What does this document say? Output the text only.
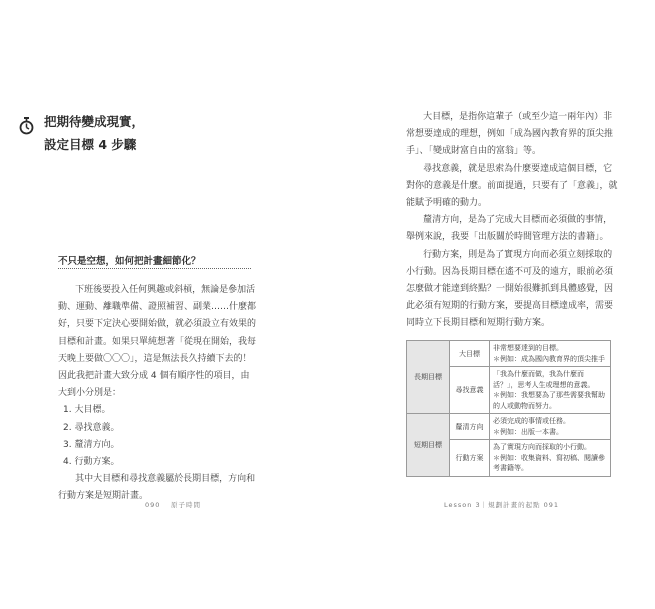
把期待變成現實，
設定目標 4 步驟
不只是空想，如何把計畫細節化？

下班後要投入任何興趣或斜槓，無論是參加活動、運動、離職準備、證照補習、副業……什麼都好，只要下定決心要開始做，就必須設立有效果的目標和計畫。如果只單純想著「從現在開始，我每天晚上要做〇〇〇」，這是無法長久持續下去的！因此我把計畫大致分成 4 個有順序性的項目，由大到小分別是：

1. 大目標。
2. 尋找意義。
3. 釐清方向。
4. 行動方案。

其中大目標和尋找意義屬於長期目標，方向和行動方案是短期計畫。

090 　原子時間

大目標，是指你這輩子（或至少這一兩年內）非常想要達成的理想，例如「成為國內教育界的頂尖推手」、「變成財富自由的富翁」等。

尋找意義，就是思索為什麼要達成這個目標，它對你的意義是什麼。前面提過，只要有了「意義」，就能賦予明確的動力。

釐清方向，是為了完成大目標而必須做的事情，舉例來說，我要「出版關於時間管理方法的書籍」。

行動方案，則是為了實現方向而必須立刻採取的小行動。因為長期目標在遙不可及的遠方，眼前必須怎麼做才能達到終點？一開始很難抓到具體感覺，因此必須有短期的行動方案，要提高目標達成率，需要同時立下長期目標和短期行動方案。

長期目標	大目標	非常想要達到的目標。
＊例如：成為國內教育界的頂尖推手

	尋找意義	「我為什麼而做，我為什麼而活？」，思考人生或理想的意義。
＊例如：我想要為了那些需要我幫助的人或動物而努力。

短期目標	釐清方向	必須完成的事情或任務。
＊例如：出版一本書。

	行動方案	為了實現方向而採取的小行動。
＊例如：收集資料、寫初稿、閱讀參考書籍等。
Lesson 3｜規劃計畫的起點 091
